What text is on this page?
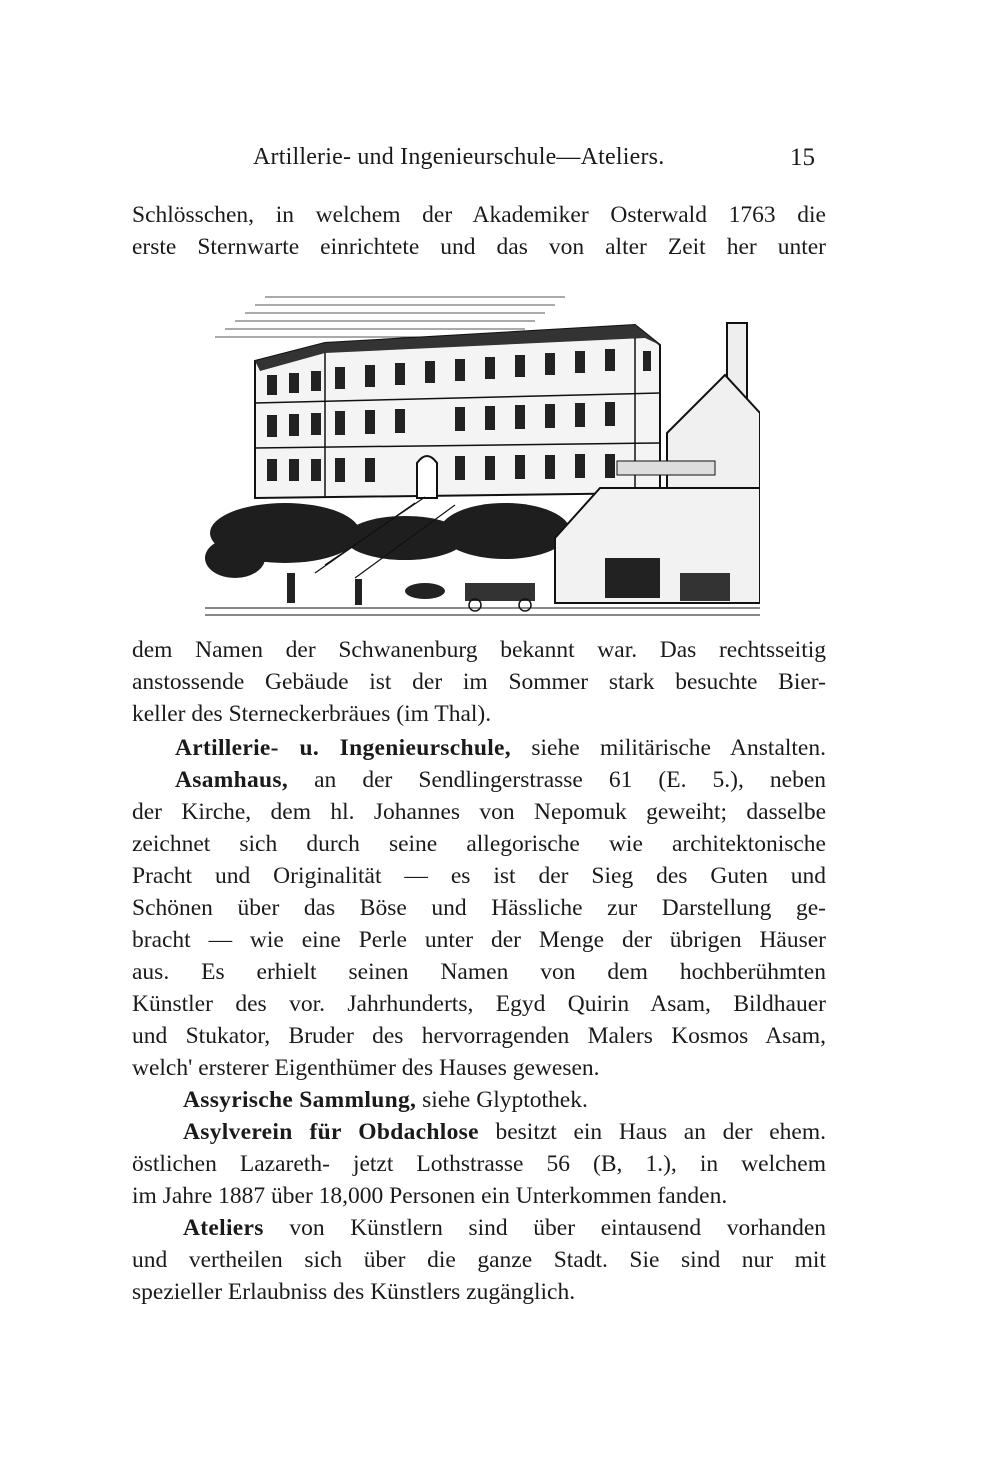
Artillerie- und Ingenieurschule—Ateliers.	15

Schlösschen, in welchem der Akademiker Osterwald 1763 die

erste Sternwarte einrichtete und das von alter Zeit her unter

dem Namen der Schwanenburg bekannt war. Das rechtsseitig

anstossende Gebäude ist der im Sommer stark besuchte Bier-

keller des Sterneckerbräues (im Thal).

Artillerie- u. Ingenieurschule, siehe militärische Anstalten.

Asamhaus, an der Sendlingerstrasse 61 (E. 5.), neben

der Kirche, dem hl. Johannes von Nepomuk geweiht; dasselbe

zeichnet sich durch seine allegorische wie architektonische

Pracht und Originalität — es ist der Sieg des Guten und

Schönen über das Böse und Hässliche zur Darstellung ge-

bracht — wie eine Perle unter der Menge der übrigen Häuser

aus. Es erhielt seinen Namen von dem hochberühmten

Künstler des vor. Jahrhunderts, Egyd Quirin Asam, Bildhauer

und Stukator, Bruder des hervorragenden Malers Kosmos Asam,

welch' ersterer Eigenthümer des Hauses gewesen.

Assyrische Sammlung, siehe Glyptothek.

Asylverein für Obdachlose besitzt ein Haus an der ehem.

östlichen Lazareth- jetzt Lothstrasse 56 (B, 1.), in welchem

im Jahre 1887 über 18,000 Personen ein Unterkommen fanden.

Ateliers von Künstlern sind über eintausend vorhanden

und vertheilen sich über die ganze Stadt. Sie sind nur mit

spezieller Erlaubniss des Künstlers zugänglich.
